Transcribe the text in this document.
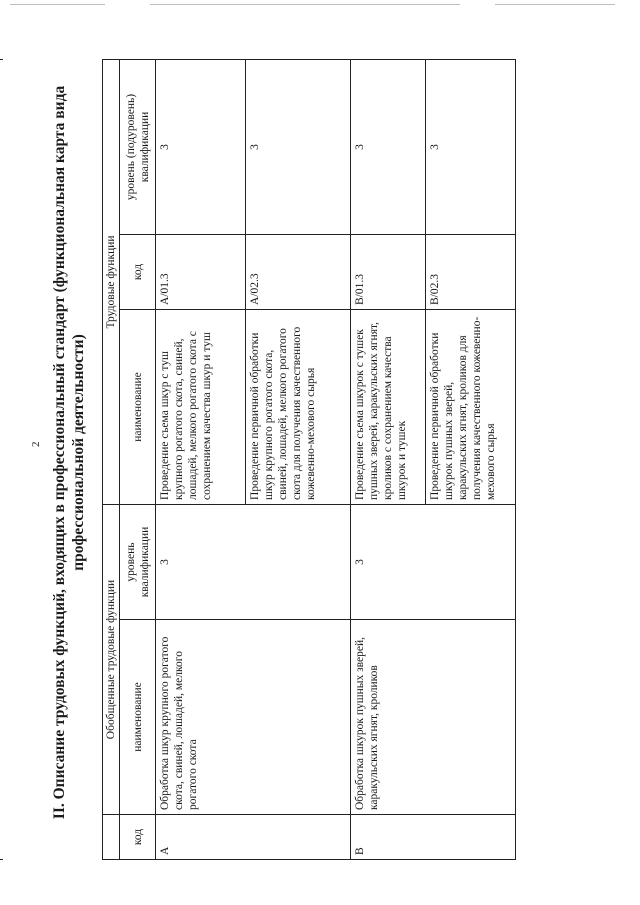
2 II. Описание трудовых функций, входящих в профессиональный стандарт (функциональная карта вида профессиональной деятельности)
	Обобщенные трудовые функции		Трудовые функции		
код	наименование	уровень квалификации	наименование	код	уровень (подуровень) квалификации
А	Обработка шкур крупного рогатого скота, свиней, лошадей, мелкого рогатого скота	3	Проведение съема шкур с туш крупного рогатого скота, свиней, лошадей, мелкого рогатого скота с сохранением качества шкур и туш	A/01.3	3
			Проведение первичной обработки шкур крупного рогатого скота, свиней, лошадей, мелкого рогатого скота для получения качественного кожевенно-мехового сырья	A/02.3	3
В	Обработка шкурок пушных зверей, каракульских ягнят, кроликов	3	Проведение съема шкурок с тушек пушных зверей, каракульских ягнят, кроликов с сохранением качества шкурок и тушек	B/01.3	3
			Проведение первичной обработки шкурок пушных зверей, каракульских ягнят, кроликов для получения качественного кожевенно-мехового сырья	B/02.3	3
